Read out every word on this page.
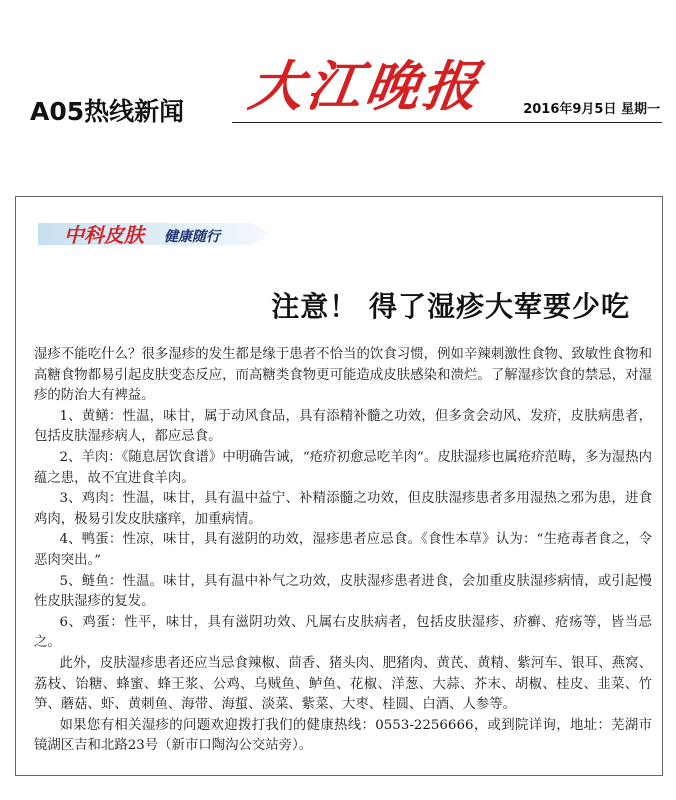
A05热线新闻 大江晚报	2016年9月5日 星期一
中科皮肤 健康随行
注意！ 得了湿疹大荤要少吃

湿疹不能吃什么？很多湿疹的发生都是缘于患者不恰当的饮食习惯，例如辛辣刺激性食物、致敏性食物和高糖食物都易引起皮肤变态反应，而高糖类食物更可能造成皮肤感染和溃烂。了解湿疹饮食的禁忌，对湿疹的防治大有裨益。

1、黄鳝：性温，味甘，属于动风食品，具有添精补髓之功效，但多贪会动风、发疥，皮肤病患者，包括皮肤湿疹病人，都应忌食。

2、羊肉：《随息居饮食谱》中明确告诫，“疮疥初愈忌吃羊肉”。皮肤湿疹也属疮疥范畴，多为湿热内蕴之患，故不宜进食羊肉。

3、鸡肉：性温，味甘，具有温中益宁、补精添髓之功效，但皮肤湿疹患者多用湿热之邪为患，进食鸡肉，极易引发皮肤瘙痒，加重病情。

4、鸭蛋：性凉，味甘，具有滋阴的功效，湿疹患者应忌食。《食性本草》认为：“生疮毒者食之，令恶肉突出。”

5、鲢鱼：性温。味甘，具有温中补气之功效，皮肤湿疹患者进食，会加重皮肤湿疹病情，或引起慢性皮肤湿疹的复发。

6、鸡蛋：性平，味甘，具有滋阴功效、凡属右皮肤病者，包括皮肤湿疹、疥癣、疮疡等，皆当忌之。

此外，皮肤湿疹患者还应当忌食辣椒、茴香、猪头肉、肥猪肉、黄芪、黄精、紫河车、银耳、燕窝、荔枝、饴糖、蜂蜜、蜂王浆、公鸡、乌贼鱼、鲈鱼、花椒、洋葱、大蒜、芥末、胡椒、桂皮、韭菜、竹笋、蘑菇、虾、黄刺鱼、海带、海蜇、淡菜、紫菜、大枣、桂圆、白酒、人参等。

如果您有相关湿疹的问题欢迎拨打我们的健康热线：0553-2256666，或到院详询，地址：芜湖市镜湖区吉和北路23号（新市口陶沟公交站旁）。
